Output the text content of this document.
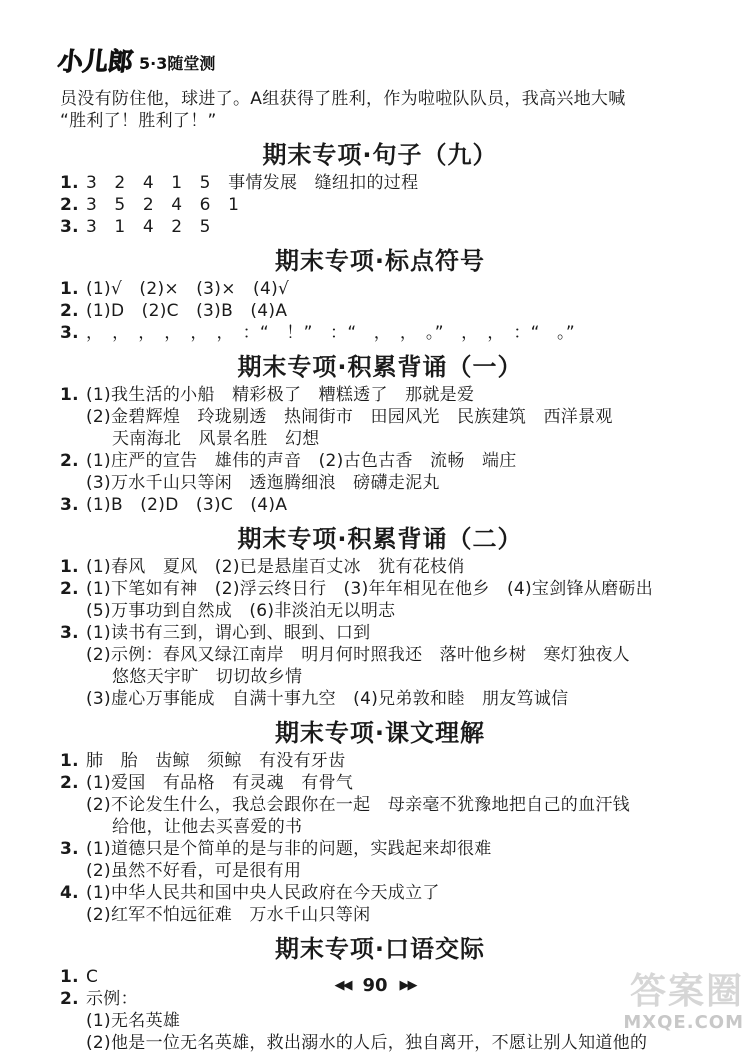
小儿郎 5·3随堂测
员没有防住他，球进了。A组获得了胜利，作为啦啦队队员，我高兴地大喊
“胜利了！胜利了！”
期末专项·句子（九）
1. 3　2　4　1　5　事情发展　缝纽扣的过程
2. 3　5　2　4　6　1
3. 3　1　4　2　5
期末专项·标点符号
1. (1)√　(2)×　(3)×　(4)√
2. (1)D　(2)C　(3)B　(4)A
3. ，　，　，　，　，　，　：“　！”　：“　，　，　。”　，　，　：“　。”
期末专项·积累背诵（一）
1. (1)我生活的小船　精彩极了　糟糕透了　那就是爱
(2)金碧辉煌　玲珑剔透　热闹街市　田园风光　民族建筑　西洋景观
天南海北　风景名胜　幻想
2. (1)庄严的宣告　雄伟的声音　(2)古色古香　流畅　端庄
(3)万水千山只等闲　透迤腾细浪　磅礴走泥丸
3. (1)B　(2)D　(3)C　(4)A
期末专项·积累背诵（二）
1. (1)春风　夏风　(2)已是悬崖百丈冰　犹有花枝俏
2. (1)下笔如有神　(2)浮云终日行　(3)年年相见在他乡　(4)宝剑锋从磨砺出
(5)万事功到自然成　(6)非淡泊无以明志
3. (1)读书有三到，谓心到、眼到、口到
(2)示例：春风又绿江南岸　明月何时照我还　落叶他乡树　寒灯独夜人
悠悠天宇旷　切切故乡情
(3)虚心万事能成　自满十事九空　(4)兄弟敦和睦　朋友笃诚信
期末专项·课文理解
1. 肺　胎　齿鲸　须鲸　有没有牙齿
2. (1)爱国　有品格　有灵魂　有骨气
(2)不论发生什么，我总会跟你在一起　母亲毫不犹豫地把自己的血汗钱
给他，让他去买喜爱的书
3. (1)道德只是个简单的是与非的问题，实践起来却很难
(2)虽然不好看，可是很有用
4. (1)中华人民共和国中央人民政府在今天成立了
(2)红军不怕远征难　万水千山只等闲
期末专项·口语交际
1. C
2. 示例：
(1)无名英雄
(2)他是一位无名英雄，救出溺水的人后，独自离开，不愿让别人知道他的
◀◀ 90 ▶▶	答案圈
MXQE.COM
